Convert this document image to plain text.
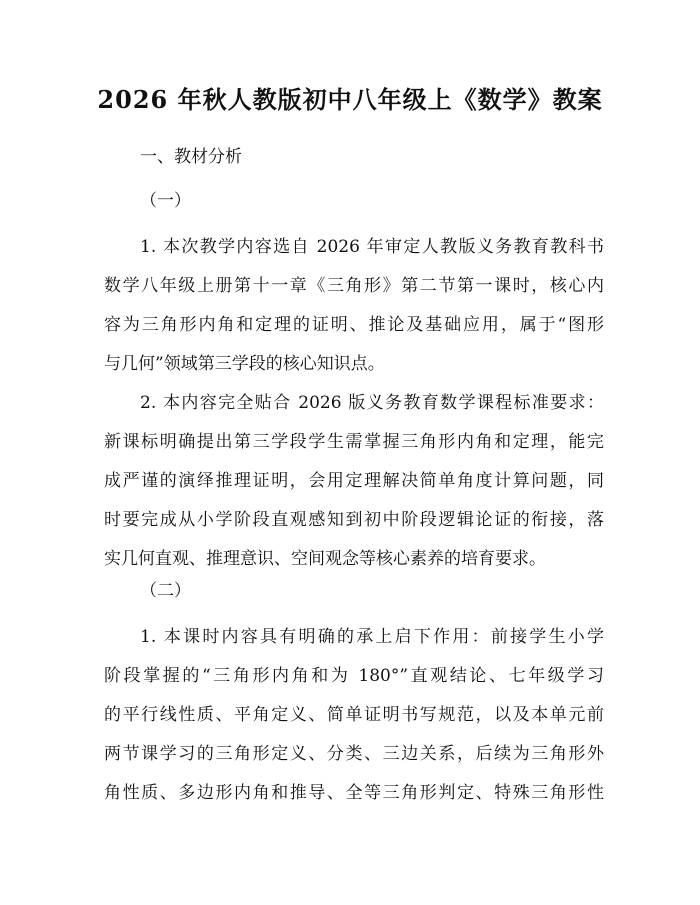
2026 年秋人教版初中八年级上《数学》教案
一、教材分析
（一）
1. 本次教学内容选自 2026 年审定人教版义务教育教科书
数学八年级上册第十一章《三角形》第二节第一课时，核心内
容为三角形内角和定理的证明、推论及基础应用，属于“图形
与几何”领域第三学段的核心知识点。
2. 本内容完全贴合 2026 版义务教育数学课程标准要求：
新课标明确提出第三学段学生需掌握三角形内角和定理，能完
成严谨的演绎推理证明，会用定理解决简单角度计算问题，同
时要完成从小学阶段直观感知到初中阶段逻辑论证的衔接，落
实几何直观、推理意识、空间观念等核心素养的培育要求。
（二）
1. 本课时内容具有明确的承上启下作用：前接学生小学
阶段掌握的“三角形内角和为 180°”直观结论、七年级学习
的平行线性质、平角定义、简单证明书写规范，以及本单元前
两节课学习的三角形定义、分类、三边关系，后续为三角形外
角性质、多边形内角和推导、全等三角形判定、特殊三角形性
